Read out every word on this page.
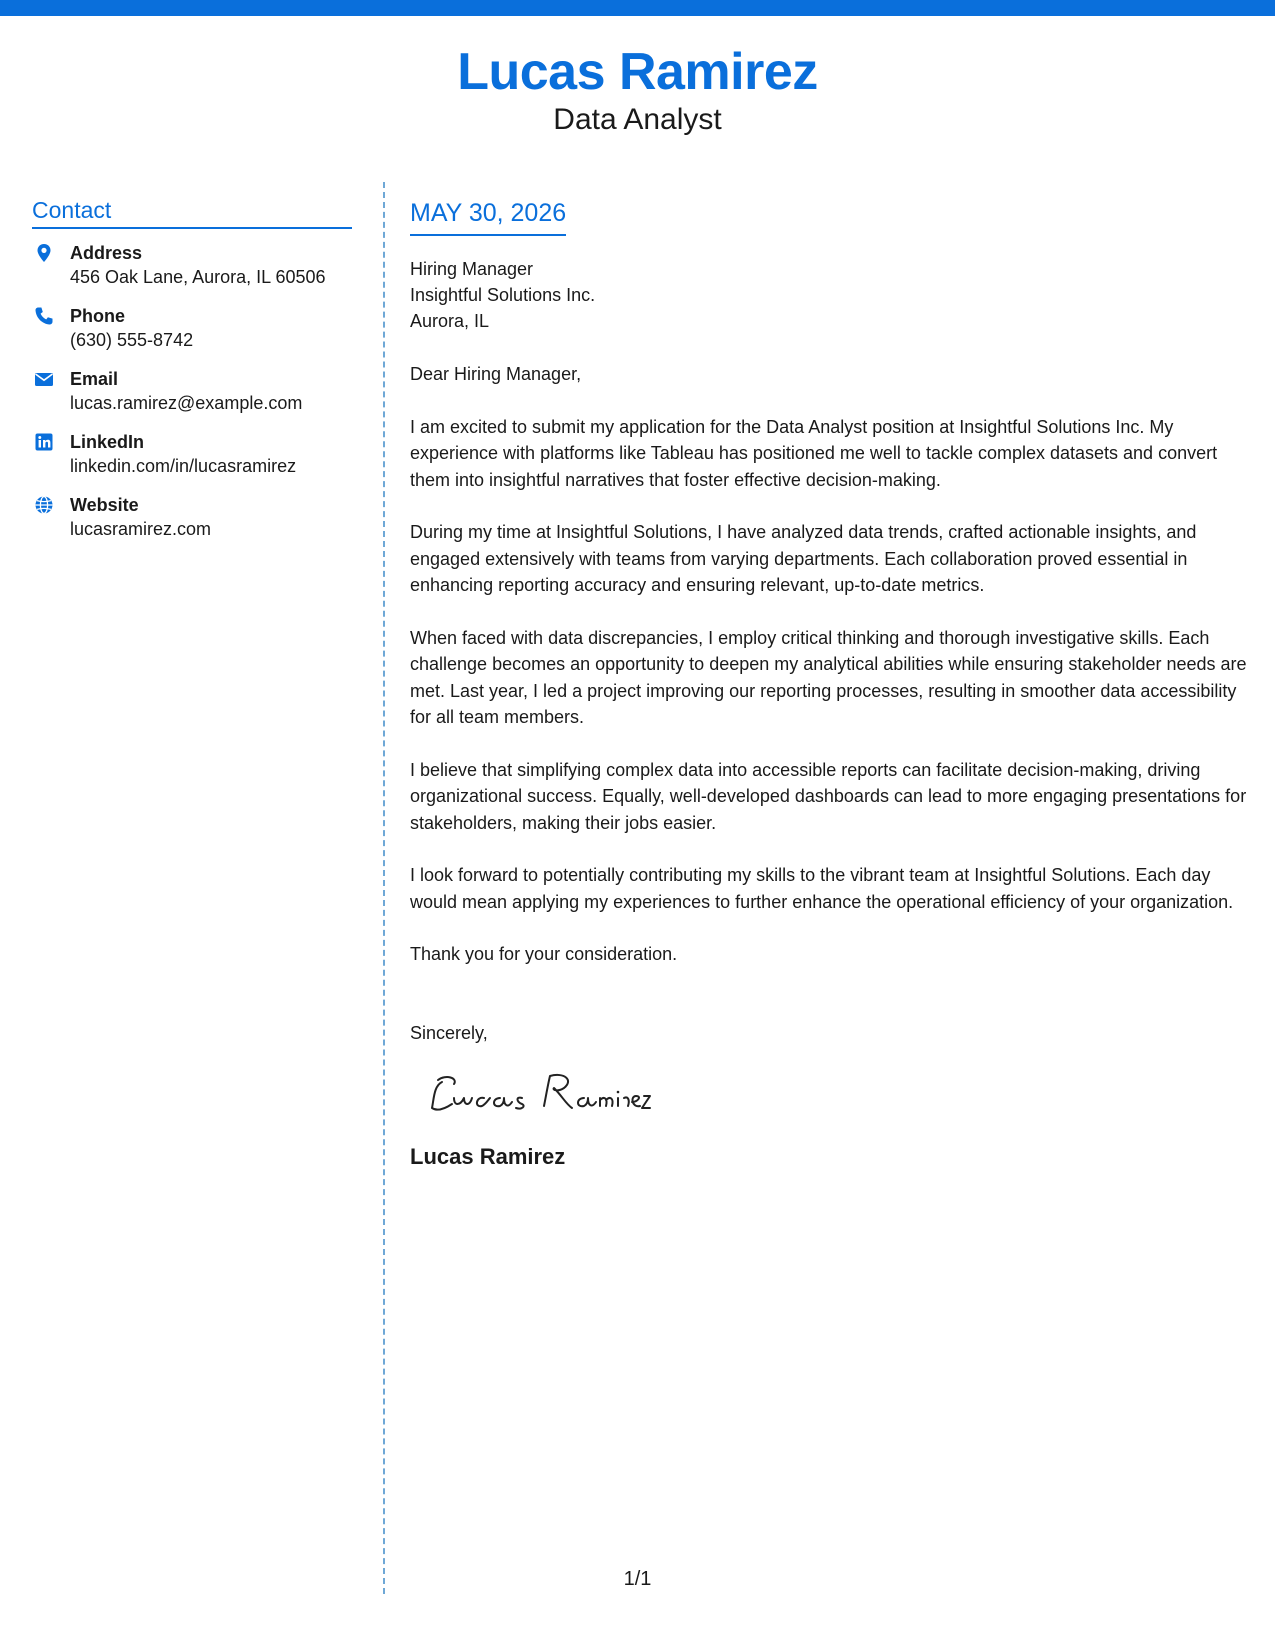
Lucas Ramirez
Data Analyst
Contact
Address
456 Oak Lane, Aurora, IL 60506
Phone
(630) 555-8742
Email
lucas.ramirez@example.com
LinkedIn
linkedin.com/in/lucasramirez
Website
lucasramirez.com
MAY 30, 2026
Hiring Manager
Insightful Solutions Inc.
Aurora, IL
Dear Hiring Manager,
I am excited to submit my application for the Data Analyst position at Insightful Solutions Inc. My experience with platforms like Tableau has positioned me well to tackle complex datasets and convert them into insightful narratives that foster effective decision-making.
During my time at Insightful Solutions, I have analyzed data trends, crafted actionable insights, and engaged extensively with teams from varying departments. Each collaboration proved essential in enhancing reporting accuracy and ensuring relevant, up-to-date metrics.
When faced with data discrepancies, I employ critical thinking and thorough investigative skills. Each challenge becomes an opportunity to deepen my analytical abilities while ensuring stakeholder needs are met. Last year, I led a project improving our reporting processes, resulting in smoother data accessibility for all team members.
I believe that simplifying complex data into accessible reports can facilitate decision-making, driving organizational success. Equally, well-developed dashboards can lead to more engaging presentations for stakeholders, making their jobs easier.
I look forward to potentially contributing my skills to the vibrant team at Insightful Solutions. Each day would mean applying my experiences to further enhance the operational efficiency of your organization.
Thank you for your consideration.
Sincerely,
Lucas Ramirez
1/1
